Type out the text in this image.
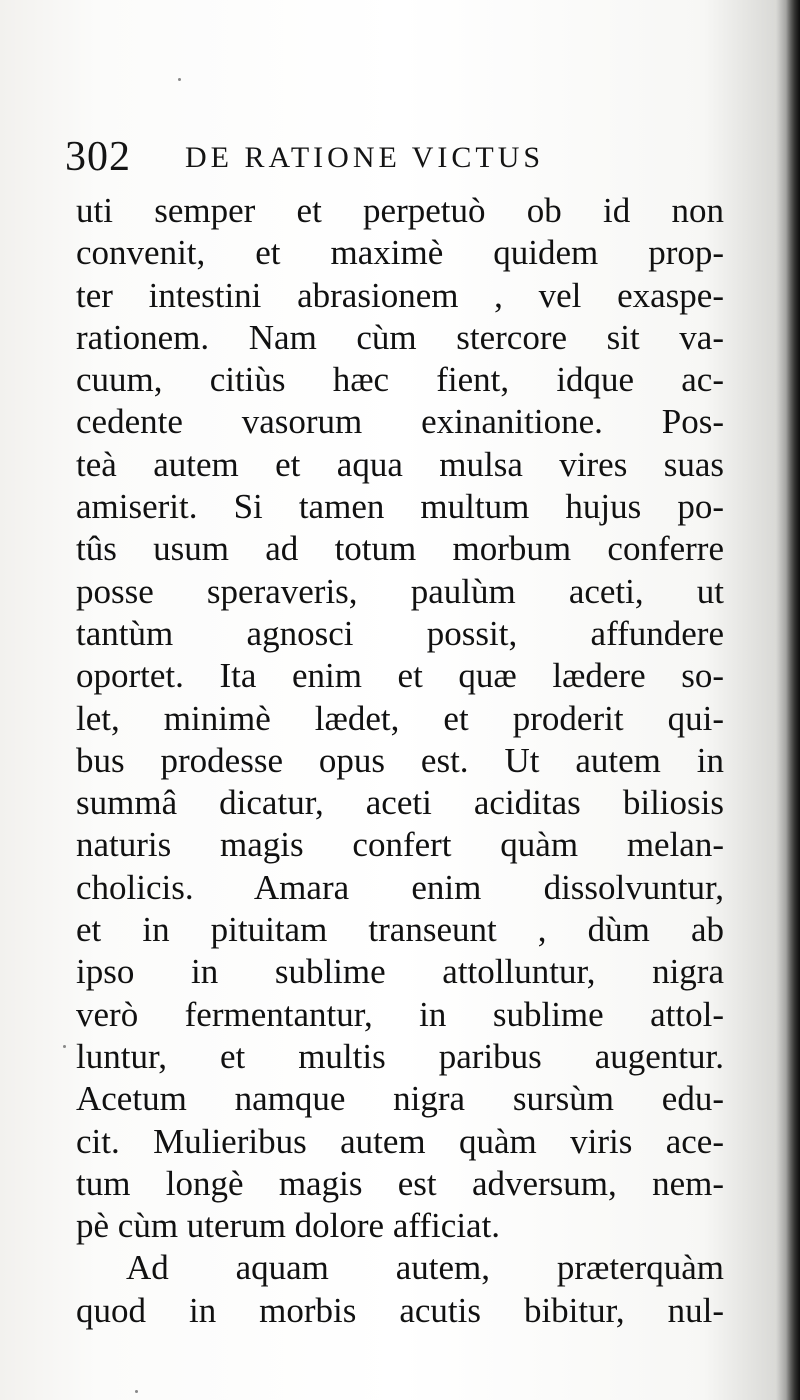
302 DE RATIONE VICTUS
uti semper et perpetuò ob id non
convenit, et maximè quidem prop-
ter intestini abrasionem , vel exaspe-
rationem. Nam cùm stercore sit va-
cuum, citiùs hæc fient, idque ac-
cedente vasorum exinanitione. Pos-
teà autem et aqua mulsa vires suas
amiserit. Si tamen multum hujus po-
tûs usum ad totum morbum conferre
posse speraveris, paulùm aceti, ut
tantùm agnosci possit, affundere
oportet. Ita enim et quæ lædere so-
let, minimè lædet, et proderit qui-
bus prodesse opus est. Ut autem in
summâ dicatur, aceti aciditas biliosis
naturis magis confert quàm melan-
cholicis. Amara enim dissolvuntur,
et in pituitam transeunt , dùm ab
ipso in sublime attolluntur, nigra
verò fermentantur, in sublime attol-
luntur, et multis paribus augentur.
Acetum namque nigra sursùm edu-
cit. Mulieribus autem quàm viris ace-
tum longè magis est adversum, nem-
pè cùm uterum dolore afficiat.
Ad aquam autem, præterquàm
quod in morbis acutis bibitur, nul-
